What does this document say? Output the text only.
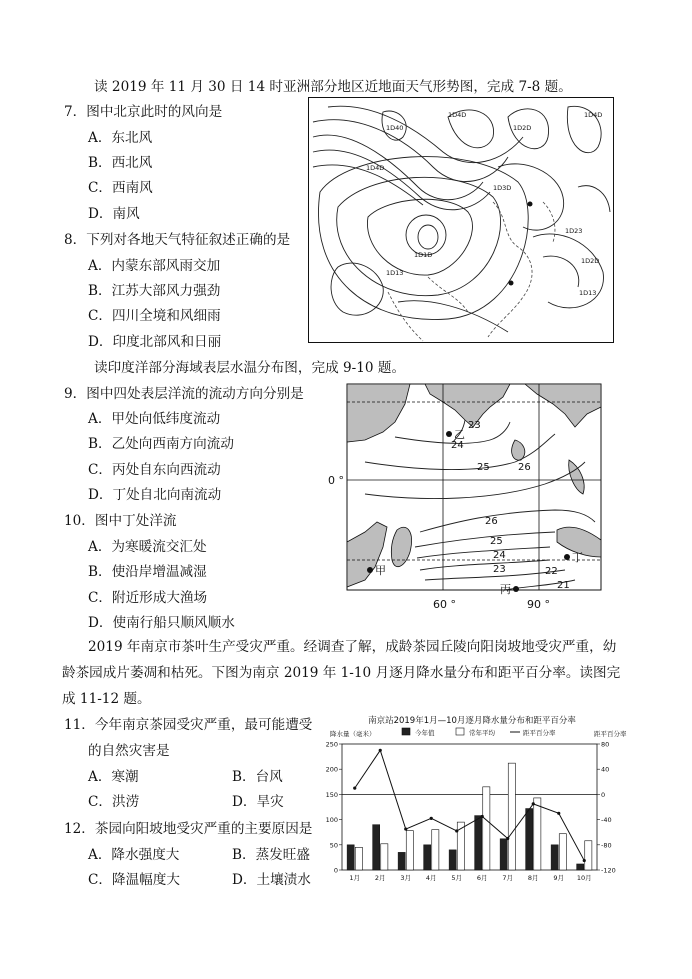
读 2019 年 11 月 30 日 14 时亚洲部分地区近地面天气形势图，完成 7-8 题。
7．图中北京此时的风向是
A．东北风
B．西北风
C．西南风
D．南风
8．下列对各地天气特征叙述正确的是
A．内蒙东部风雨交加
B．江苏大部风力强劲
C．四川全境和风细雨
D．印度北部风和日丽
1D40
1D4D
1D4D
1D2D
1D3D
1D1D
1D13
1D23
1D2D
1D13
1D4D
读印度洋部分海域表层水温分布图，完成 9-10 题。
9．图中四处表层洋流的流动方向分别是
A．甲处向低纬度流动
B．乙处向西南方向流动
C．丙处自东向西流动
D．丁处自北向南流动
10．图中丁处洋流
A．为寒暖流交汇处
B．使沿岸增温减湿
C．附近形成大渔场
D．使南行船只顺风顺水
23
24
25	26
26
25
24
23	22
21
乙
甲
丁
丙
0 °
60 °	90 °
2019 年南京市茶叶生产受灾严重。经调查了解，成龄茶园丘陵向阳岗坡地受灾严重，幼
龄茶园成片萎凋和枯死。下图为南京 2019 年 1-10 月逐月降水量分布和距平百分率。读图完
成 11-12 题。
11．今年南京茶园受灾严重，最可能遭受
的自然灾害是
A．寒潮	B．台风
C．洪涝	D．旱灾
12．茶园向阳坡地受灾严重的主要原因是
A．降水强度大	B．蒸发旺盛
C．降温幅度大	D．土壤渍水
南京站2019年1月—10月逐月降水量分布和距平百分率
降水量（毫米）	距平百分率
今年值	常年平均	距平百分率
0
50
100
150
200
250	80
40
0
-40
-80
-120
1月 2月 3月 4月 5月 6月 7月 8月 9月 10月
